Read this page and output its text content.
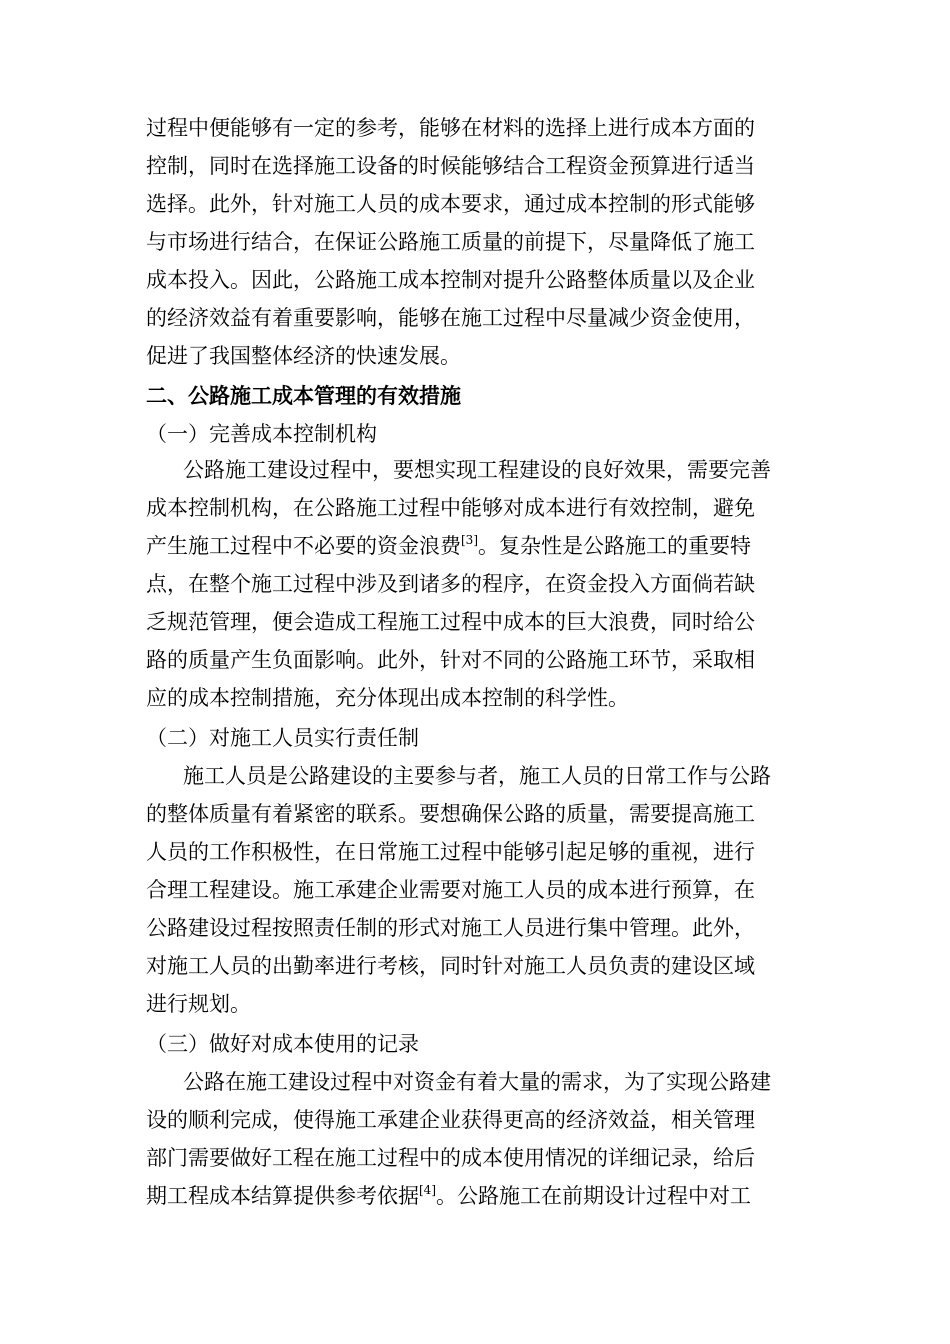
过程中便能够有一定的参考，能够在材料的选择上进行成本方面的
控制，同时在选择施工设备的时候能够结合工程资金预算进行适当
选择。此外，针对施工人员的成本要求，通过成本控制的形式能够
与市场进行结合，在保证公路施工质量的前提下，尽量降低了施工
成本投入。因此，公路施工成本控制对提升公路整体质量以及企业
的经济效益有着重要影响，能够在施工过程中尽量减少资金使用，
促进了我国整体经济的快速发展。
二、公路施工成本管理的有效措施
（一）完善成本控制机构
公路施工建设过程中，要想实现工程建设的良好效果，需要完善
成本控制机构，在公路施工过程中能够对成本进行有效控制，避免
产生施工过程中不必要的资金浪费[3]。复杂性是公路施工的重要特
点，在整个施工过程中涉及到诸多的程序，在资金投入方面倘若缺
乏规范管理，便会造成工程施工过程中成本的巨大浪费，同时给公
路的质量产生负面影响。此外，针对不同的公路施工环节，采取相
应的成本控制措施，充分体现出成本控制的科学性。
（二）对施工人员实行责任制
施工人员是公路建设的主要参与者，施工人员的日常工作与公路
的整体质量有着紧密的联系。要想确保公路的质量，需要提高施工
人员的工作积极性，在日常施工过程中能够引起足够的重视，进行
合理工程建设。施工承建企业需要对施工人员的成本进行预算，在
公路建设过程按照责任制的形式对施工人员进行集中管理。此外，
对施工人员的出勤率进行考核，同时针对施工人员负责的建设区域
进行规划。
（三）做好对成本使用的记录
公路在施工建设过程中对资金有着大量的需求，为了实现公路建
设的顺利完成，使得施工承建企业获得更高的经济效益，相关管理
部门需要做好工程在施工过程中的成本使用情况的详细记录，给后
期工程成本结算提供参考依据[4]。公路施工在前期设计过程中对工
